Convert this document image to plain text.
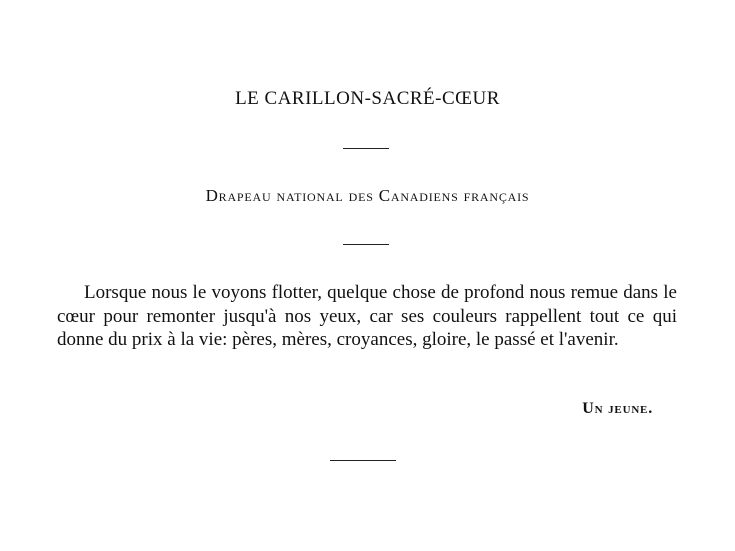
LE CARILLON-SACRÉ-CŒUR
Drapeau national des Canadiens français

Lorsque nous le voyons flotter, quelque chose de profond nous remue dans le cœur pour remonter jusqu'à nos yeux, car ses couleurs rappellent tout ce qui donne du prix à la vie: pères, mères, croyances, gloire, le passé et l'avenir.

Un jeune.
